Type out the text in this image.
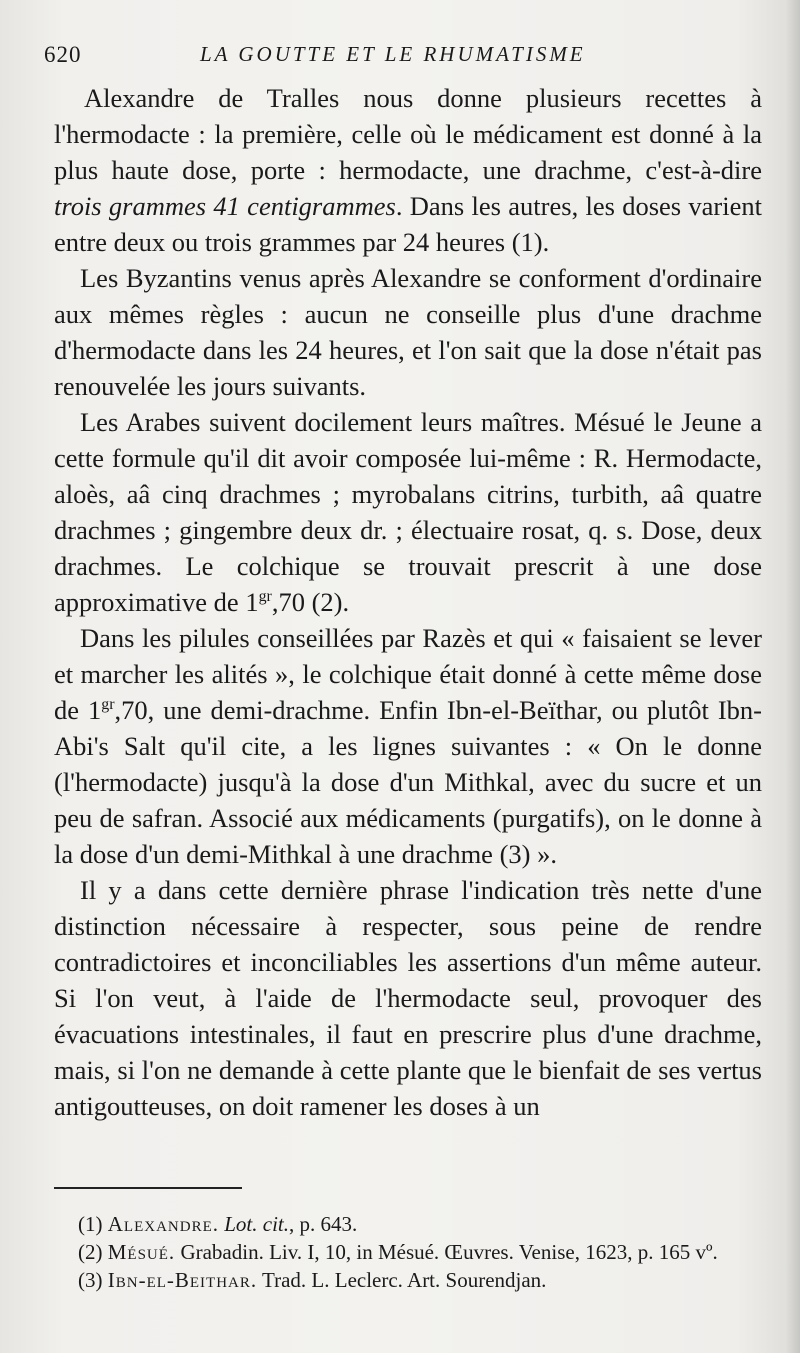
620	LA GOUTTE ET LE RHUMATISME

Alexandre de Tralles nous donne plusieurs recettes à l'hermodacte : la première, celle où le médicament est donné à la plus haute dose, porte : hermodacte, une drachme, c'est-à-dire trois grammes 41 centigrammes. Dans les autres, les doses varient entre deux ou trois grammes par 24 heures (1).

Les Byzantins venus après Alexandre se conforment d'ordinaire aux mêmes règles : aucun ne conseille plus d'une drachme d'hermodacte dans les 24 heures, et l'on sait que la dose n'était pas renouvelée les jours suivants.

Les Arabes suivent docilement leurs maîtres. Mésué le Jeune a cette formule qu'il dit avoir composée lui-même : R. Hermodacte, aloès, aâ cinq drachmes ; myrobalans citrins, turbith, aâ quatre drachmes ; gingembre deux dr. ; électuaire rosat, q. s. Dose, deux drachmes. Le colchique se trouvait prescrit à une dose approximative de $1^{gr},70$ (2).

Dans les pilules conseillées par Razès et qui « faisaient se lever et marcher les alités », le colchique était donné à cette même dose de $1^{gr},70$, une demi-drachme. Enfin Ibn-el-Beïthar, ou plutôt Ibn-Abi's Salt qu'il cite, a les lignes suivantes : « On le donne (l'hermodacte) jusqu'à la dose d'un Mithkal, avec du sucre et un peu de safran. Associé aux médicaments (purgatifs), on le donne à la dose d'un demi-Mithkal à une drachme (3) ».

Il y a dans cette dernière phrase l'indication très nette d'une distinction nécessaire à respecter, sous peine de rendre contradictoires et inconciliables les assertions d'un même auteur. Si l'on veut, à l'aide de l'hermodacte seul, provoquer des évacuations intestinales, il faut en prescrire plus d'une drachme, mais, si l'on ne demande à cette plante que le bienfait de ses vertus antigoutteuses, on doit ramener les doses à un

(1) Alexandre. Lot. cit., p. 643.

(2) Mésué. Grabadin. Liv. I, 10, in Mésué. Œuvres. Venise, 1623, p. 165 vº.

(3) Ibn-el-Beithar. Trad. L. Leclerc. Art. Sourendjan.
